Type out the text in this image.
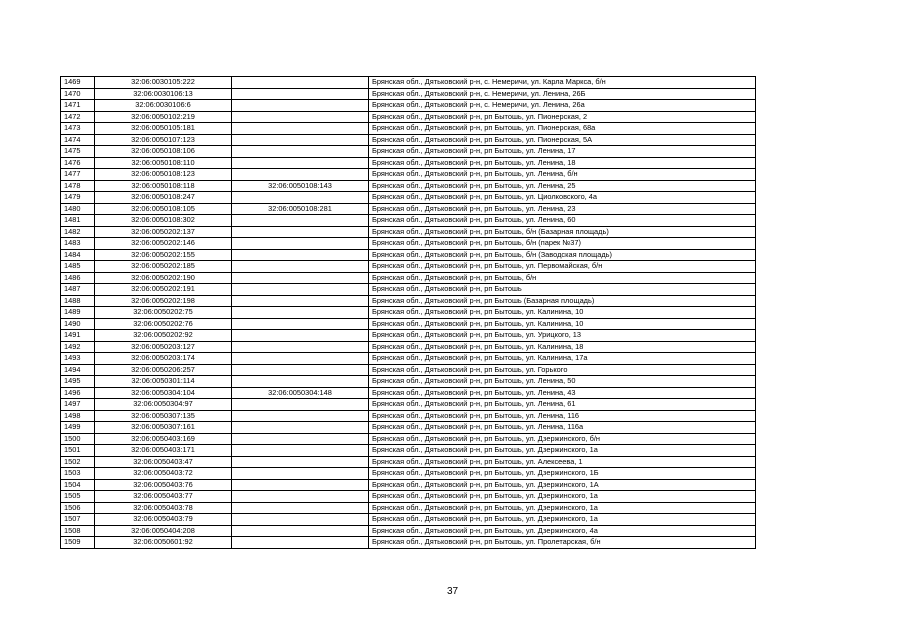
1469	32:06:0030105:222		Брянская обл., Дятьковский р-н, с. Немеричи, ул. Карла Маркса, б/н
1470	32:06:0030106:13		Брянская обл., Дятьковский р-н, с. Немеричи, ул. Ленина, 26Б
1471	32:06:0030106:6		Брянская обл., Дятьковский р-н, с. Немеричи, ул. Ленина, 26а
1472	32:06:0050102:219		Брянская обл., Дятьковский р-н, рп Бытошь, ул. Пионерская, 2
1473	32:06:0050105:181		Брянская обл., Дятьковский р-н, рп Бытошь, ул. Пионерская, 68а
1474	32:06:0050107:123		Брянская обл., Дятьковский р-н, рп Бытошь, ул. Пионерская, 5А
1475	32:06:0050108:106		Брянская обл., Дятьковский р-н, рп Бытошь, ул. Ленина, 17
1476	32:06:0050108:110		Брянская обл., Дятьковский р-н, рп Бытошь, ул. Ленина, 18
1477	32:06:0050108:123		Брянская обл., Дятьковский р-н, рп Бытошь, ул. Ленина, б/н
1478	32:06:0050108:118	32:06:0050108:143	Брянская обл., Дятьковский р-н, рп Бытошь, ул. Ленина, 25
1479	32:06:0050108:247		Брянская обл., Дятьковский р-н, рп Бытошь, ул. Циолковского, 4а
1480	32:06:0050108:105	32:06:0050108:281	Брянская обл., Дятьковский р-н, рп Бытошь, ул. Ленина, 23
1481	32:06:0050108:302		Брянская обл., Дятьковский р-н, рп Бытошь, ул. Ленина, 60
1482	32:06:0050202:137		Брянская обл., Дятьковский р-н, рп Бытошь, б/н (Базарная площадь)
1483	32:06:0050202:146		Брянская обл., Дятьковский р-н, рп Бытошь, б/н (парек №37)
1484	32:06:0050202:155		Брянская обл., Дятьковский р-н, рп Бытошь, б/н (Заводская площадь)
1485	32:06:0050202:185		Брянская обл., Дятьковский р-н, рп Бытошь, ул. Первомайская, б/н
1486	32:06:0050202:190		Брянская обл., Дятьковский р-н, рп Бытошь, б/н
1487	32:06:0050202:191		Брянская обл., Дятьковский р-н, рп Бытошь
1488	32:06:0050202:198		Брянская обл., Дятьковский р-н, рп Бытошь (Базарная площадь)
1489	32:06:0050202:75		Брянская обл., Дятьковский р-н, рп Бытошь, ул. Калинина, 10
1490	32:06:0050202:76		Брянская обл., Дятьковский р-н, рп Бытошь, ул. Калинина, 10
1491	32:06:0050202:92		Брянская обл., Дятьковский р-н, рп Бытошь, ул. Урицкого, 13
1492	32:06:0050203:127		Брянская обл., Дятьковский р-н, рп Бытошь, ул. Калинина, 18
1493	32:06:0050203:174		Брянская обл., Дятьковский р-н, рп Бытошь, ул. Калинина, 17а
1494	32:06:0050206:257		Брянская обл., Дятьковский р-н, рп Бытошь, ул. Горького
1495	32:06:0050301:114		Брянская обл., Дятьковский р-н, рп Бытошь, ул. Ленина, 50
1496	32:06:0050304:104	32:06:0050304:148	Брянская обл., Дятьковский р-н, рп Бытошь, ул. Ленина, 43
1497	32:06:0050304:97		Брянская обл., Дятьковский р-н, рп Бытошь, ул. Ленина, 61
1498	32:06:0050307:135		Брянская обл., Дятьковский р-н, рп Бытошь, ул. Ленина, 116
1499	32:06:0050307:161		Брянская обл., Дятьковский р-н, рп Бытошь, ул. Ленина, 116а
1500	32:06:0050403:169		Брянская обл., Дятьковский р-н, рп Бытошь, ул. Дзержинского, б/н
1501	32:06:0050403:171		Брянская обл., Дятьковский р-н, рп Бытошь, ул. Дзержинского, 1а
1502	32:06:0050403:47		Брянская обл., Дятьковский р-н, рп Бытошь, ул. Алексеева, 1
1503	32:06:0050403:72		Брянская обл., Дятьковский р-н, рп Бытошь, ул. Дзержинского, 1Б
1504	32:06:0050403:76		Брянская обл., Дятьковский р-н, рп Бытошь, ул. Дзержинского, 1А
1505	32:06:0050403:77		Брянская обл., Дятьковский р-н, рп Бытошь, ул. Дзержинского, 1а
1506	32:06:0050403:78		Брянская обл., Дятьковский р-н, рп Бытошь, ул. Дзержинского, 1а
1507	32:06:0050403:79		Брянская обл., Дятьковский р-н, рп Бытошь, ул. Дзержинского, 1а
1508	32:06:0050404:208		Брянская обл., Дятьковский р-н, рп Бытошь, ул. Дзержинского, 4а
1509	32:06:0050601:92		Брянская обл., Дятьковский р-н, рп Бытошь, ул. Пролетарская, б/н
37
